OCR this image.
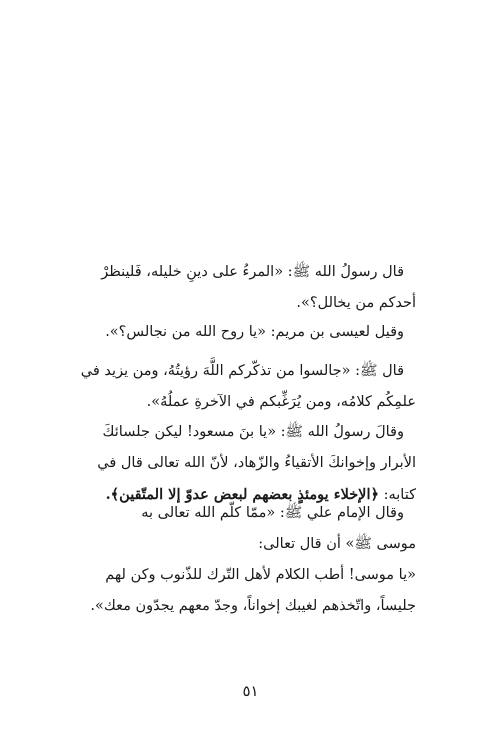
قال رسولُ الله ﷺ: «المرءُ على دينِ خليله، فَلينظرْ
أحدكم من يخالل؟».
وقيل لعيسى بن مريم: «يا روح الله من نجالس؟».
قال ﷺ: «جالسوا من تذكّركم اللَّهَ رؤيتُهُ، ومن يزيد في
علمِكُم كلامُه، ومن يُرَغِّبكم في الآخرةِ عملُهُ».
وقالَ رسولُ الله ﷺ: «يا بنَ مسعود! ليكن جلسائكَ
الأبرار وإخوانكَ الأتقياءُ والزّهاد، لأنّ الله تعالى قال في
كتابه: ﴿الإخلاء يومئذٍ بعضهم لبعض عدوّ إلا المتّقين﴾.
وقال الإمام علي ﷺ: «ممّا كلّم الله تعالى به
موسى ﷺ» أن قال تعالى:
«يا موسى! أطب الكلام لأهل التّرك للذّنوب وكن لهم
جليساً، واتّخذهم لغيبك إخواناً، وجدّ معهم يجدّون معك».
٥١
